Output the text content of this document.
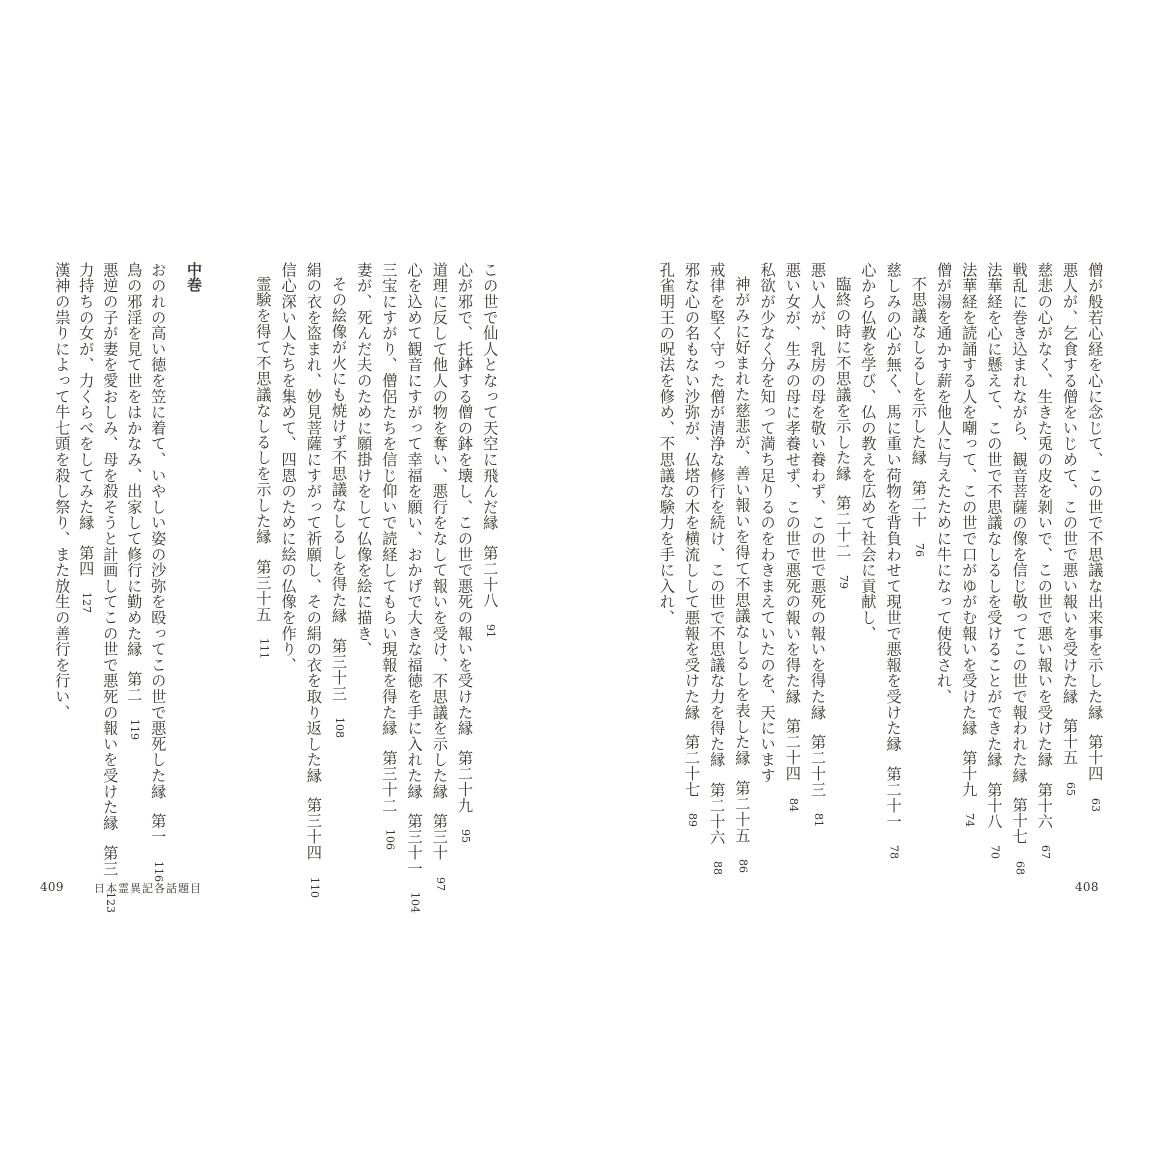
僧が般若心経を心に念じて、この世で不思議な出来事を示した縁第十四63
悪人が、乞食する僧をいじめて、この世で悪い報いを受けた縁第十五65
慈悲の心がなく、生きた兎の皮を剝いで、この世で悪い報いを受けた縁第十六67
戦乱に巻き込まれながら、観音菩薩の像を信じ敬ってこの世で報われた縁第十七68
法華経を心に懸えて、この世で不思議なしるしを受けることができた縁第十八70
法華経を読誦する人を嘲って、この世で口がゆがむ報いを受けた縁第十九74
僧が湯を通かす薪を他人に与えたために牛になって使役され、
不思議なしるしを示した縁第二十76
慈しみの心が無く、馬に重い荷物を背負わせて現世で悪報を受けた縁第二十一78
心から仏教を学び、仏の教えを広めて社会に貢献し、
臨終の時に不思議を示した縁第二十二79
悪い人が、乳房の母を敬い養わず、この世で悪死の報いを得た縁第二十三81
悪い女が、生みの母に孝養せず、この世で悪死の報いを得た縁第二十四84
私欲が少なく分を知って満ち足りるのをわきまえていたのを、天にいます
神がみに好まれた慈悲が、善い報いを得て不思議なしるしを表した縁第二十五86
戒律を堅く守った僧が清浄な修行を続け、この世で不思議な力を得た縁第二十六88
邪な心の名もない沙弥が、仏塔の木を横流しして悪報を受けた縁第二十七89
孔雀明王の呪法を修め、不思議な験力を手に入れ、
この世で仙人となって天空に飛んだ縁第二十八91
心が邪で、托鉢する僧の鉢を壊し、この世で悪死の報いを受けた縁第二十九95
道理に反して他人の物を奪い、悪行をなして報いを受け、不思議を示した縁第三十97
心を込めて観音にすがって幸福を願い、おかげで大きな福徳を手に入れた縁第三十一104
三宝にすがり、僧侶たちを信じ仰いで読経してもらい現報を得た縁第三十二106
妻が、死んだ夫のために願掛けをして仏像を絵に描き、
その絵像が火にも焼けず不思議なしるしを得た縁第三十三108
絹の衣を盗まれ、妙見菩薩にすがって祈願し、その絹の衣を取り返した縁第三十四110
信心深い人たちを集めて、四恩のために絵の仏像を作り、
霊験を得て不思議なしるしを示した縁第三十五111
おのれの高い徳を笠に着て、いやしい姿の沙弥を殴ってこの世で悪死した縁第一116
鳥の邪淫を見て世をはかなみ、出家して修行に勤めた縁第二119
悪逆の子が妻を愛おしみ、母を殺そうと計画してこの世で悪死の報いを受けた縁第三123
力持ちの女が、力くらべをしてみた縁第四127
漢神の祟りによって牛七頭を殺し祭り、また放生の善行を行い、
408
409	日本霊異記各話題目
中巻
